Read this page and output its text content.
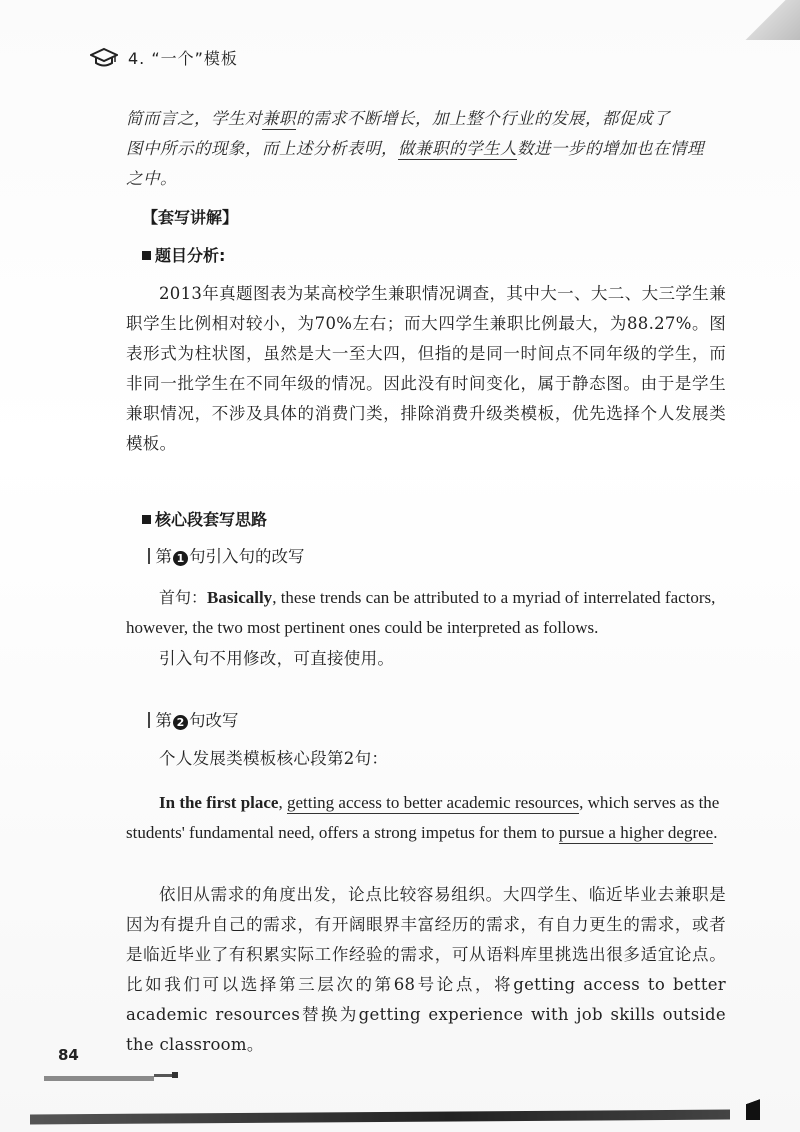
4. “一个”模板
简而言之，学生对兼职的需求不断增长，加上整个行业的发展，都促成了
图中所示的现象，而上述分析表明，做兼职的学生人数进一步的增加也在情理
之中。
【套写讲解】
题目分析:
2013年真题图表为某高校学生兼职情况调查，其中大一、大二、大三学生兼职学生比例相对较小，为70%左右；而大四学生兼职比例最大，为88.27%。图表形式为柱状图，虽然是大一至大四，但指的是同一时间点不同年级的学生，而非同一批学生在不同年级的情况。因此没有时间变化，属于静态图。由于是学生兼职情况，不涉及具体的消费门类，排除消费升级类模板，优先选择个人发展类模板。
核心段套写思路
第 1 句引入句的改写
首句：Basically, these trends can be attributed to a myriad of interrelated factors, however, the two most pertinent ones could be interpreted as follows.
引入句不用修改，可直接使用。
第 2 句改写
个人发展类模板核心段第2句：
In the first place, getting access to better academic resources, which serves as the students' fundamental need, offers a strong impetus for them to pursue a higher degree.
依旧从需求的角度出发，论点比较容易组织。大四学生、临近毕业去兼职是因为有提升自己的需求，有开阔眼界丰富经历的需求，有自力更生的需求，或者是临近毕业了有积累实际工作经验的需求，可从语料库里挑选出很多适宜论点。比如我们可以选择第三层次的第68号论点，将getting access to better academic resources替换为getting experience with job skills outside the classroom。
84
